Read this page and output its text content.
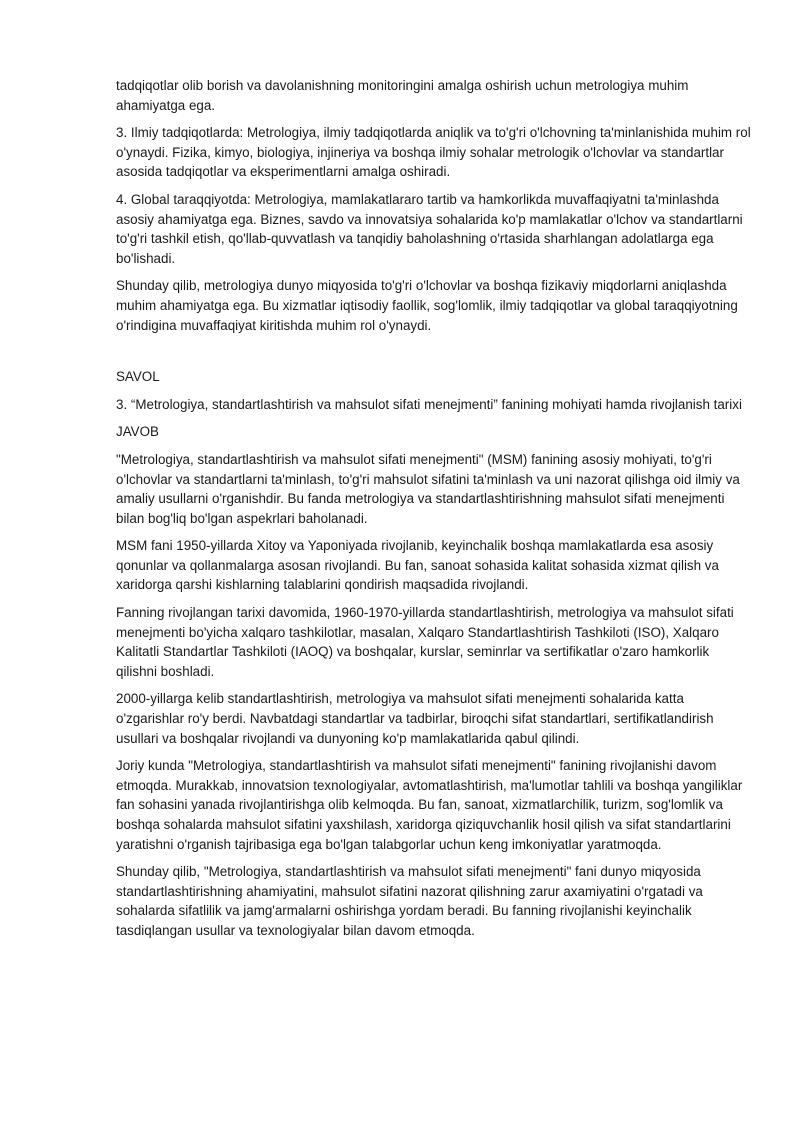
tadqiqotlar olib borish va davolanishning monitoringini amalga oshirish uchun metrologiya muhim ahamiyatga ega.

3. Ilmiy tadqiqotlarda: Metrologiya, ilmiy tadqiqotlarda aniqlik va to'g'ri o'lchovning ta'minlanishida muhim rol o'ynaydi. Fizika, kimyo, biologiya, injineriya va boshqa ilmiy sohalar metrologik o'lchovlar va standartlar asosida tadqiqotlar va eksperimentlarni amalga oshiradi.

4. Global taraqqiyotda: Metrologiya, mamlakatlararo tartib va hamkorlikda muvaffaqiyatni ta'minlashda asosiy ahamiyatga ega. Biznes, savdo va innovatsiya sohalarida ko'p mamlakatlar o'lchov va standartlarni to'g'ri tashkil etish, qo'llab-quvvatlash va tanqidiy baholashning o'rtasida sharhlangan adolatlarga ega bo'lishadi.

Shunday qilib, metrologiya dunyo miqyosida to'g'ri o'lchovlar va boshqa fizikaviy miqdorlarni aniqlashda muhim ahamiyatga ega. Bu xizmatlar iqtisodiy faollik, sog'lomlik, ilmiy tadqiqotlar va global taraqqiyotning o'rindigina muvaffaqiyat kiritishda muhim rol o'ynaydi.

SAVOL

3. “Metrologiya, standartlashtirish va mahsulot sifati menejmenti” fanining mohiyati hamda rivojlanish tarixi

JAVOB

"Metrologiya, standartlashtirish va mahsulot sifati menejmenti" (MSM) fanining asosiy mohiyati, to'g'ri o'lchovlar va standartlarni ta'minlash, to'g'ri mahsulot sifatini ta'minlash va uni nazorat qilishga oid ilmiy va amaliy usullarni o'rganishdir. Bu fanda metrologiya va standartlashtirishning mahsulot sifati menejmenti bilan bog'liq bo'lgan aspekrlari baholanadi.

MSM fani 1950-yillarda Xitoy va Yaponiyada rivojlanib, keyinchalik boshqa mamlakatlarda esa asosiy qonunlar va qollanmalarga asosan rivojlandi. Bu fan, sanoat sohasida kalitat sohasida xizmat qilish va xaridorga qarshi kishlarning talablarini qondirish maqsadida rivojlandi.

Fanning rivojlangan tarixi davomida, 1960-1970-yillarda standartlashtirish, metrologiya va mahsulot sifati menejmenti bo'yicha xalqaro tashkilotlar, masalan, Xalqaro Standartlashtirish Tashkiloti (ISO), Xalqaro Kalitatli Standartlar Tashkiloti (IAOQ) va boshqalar, kurslar, seminrlar va sertifikatlar o'zaro hamkorlik qilishni boshladi.

2000-yillarga kelib standartlashtirish, metrologiya va mahsulot sifati menejmenti sohalarida katta o'zgarishlar ro'y berdi. Navbatdagi standartlar va tadbirlar, biroqchi sifat standartlari, sertifikatlandirish usullari va boshqalar rivojlandi va dunyoning ko'p mamlakatlarida qabul qilindi.

Joriy kunda "Metrologiya, standartlashtirish va mahsulot sifati menejmenti" fanining rivojlanishi davom etmoqda. Murakkab, innovatsion texnologiyalar, avtomatlashtirish, ma'lumotlar tahlili va boshqa yangiliklar fan sohasini yanada rivojlantirishga olib kelmoqda. Bu fan, sanoat, xizmatlarchilik, turizm, sog'lomlik va boshqa sohalarda mahsulot sifatini yaxshilash, xaridorga qiziquvchanlik hosil qilish va sifat standartlarini yaratishni o'rganish tajribasiga ega bo'lgan talabgorlar uchun keng imkoniyatlar yaratmoqda.

Shunday qilib, "Metrologiya, standartlashtirish va mahsulot sifati menejmenti" fani dunyo miqyosida standartlashtirishning ahamiyatini, mahsulot sifatini nazorat qilishning zarur axamiyatini o'rgatadi va sohalarda sifatlilik va jamg'armalarni oshirishga yordam beradi. Bu fanning rivojlanishi keyinchalik tasdiqlangan usullar va texnologiyalar bilan davom etmoqda.
